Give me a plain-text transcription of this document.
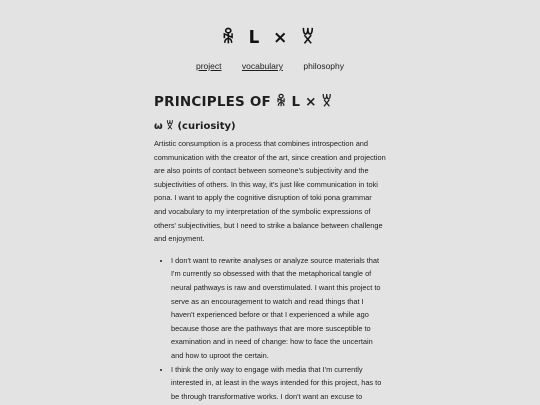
ꆜ ᒪ ⨯ ꑝ
project vocabulary philosophy
PRINCIPLES OF ꆜ ᒪ ⨯ ꑝ
ω ꑝ (curiosity)

Artistic consumption is a process that combines introspection and communication with the creator of the art, since creation and projection are also points of contact between someone's subjectivity and the subjectivities of others. In this way, it's just like communication in toki pona. I want to apply the cognitive disruption of toki pona grammar and vocabulary to my interpretation of the symbolic expressions of others' subjectivities, but I need to strike a balance between challenge and enjoyment.

• I don't want to rewrite analyses or analyze source materials that I'm currently so obsessed with that the metaphorical tangle of neural pathways is raw and overstimulated. I want this project to serve as an encouragement to watch and read things that I haven't experienced before or that I experienced a while ago because those are the pathways that are more susceptible to examination and in need of change: how to face the uncertain and how to uproot the certain.
• I think the only way to engage with media that I'm currently interested in, at least in the ways intended for this project, has to be through transformative works. I don't want an excuse to
